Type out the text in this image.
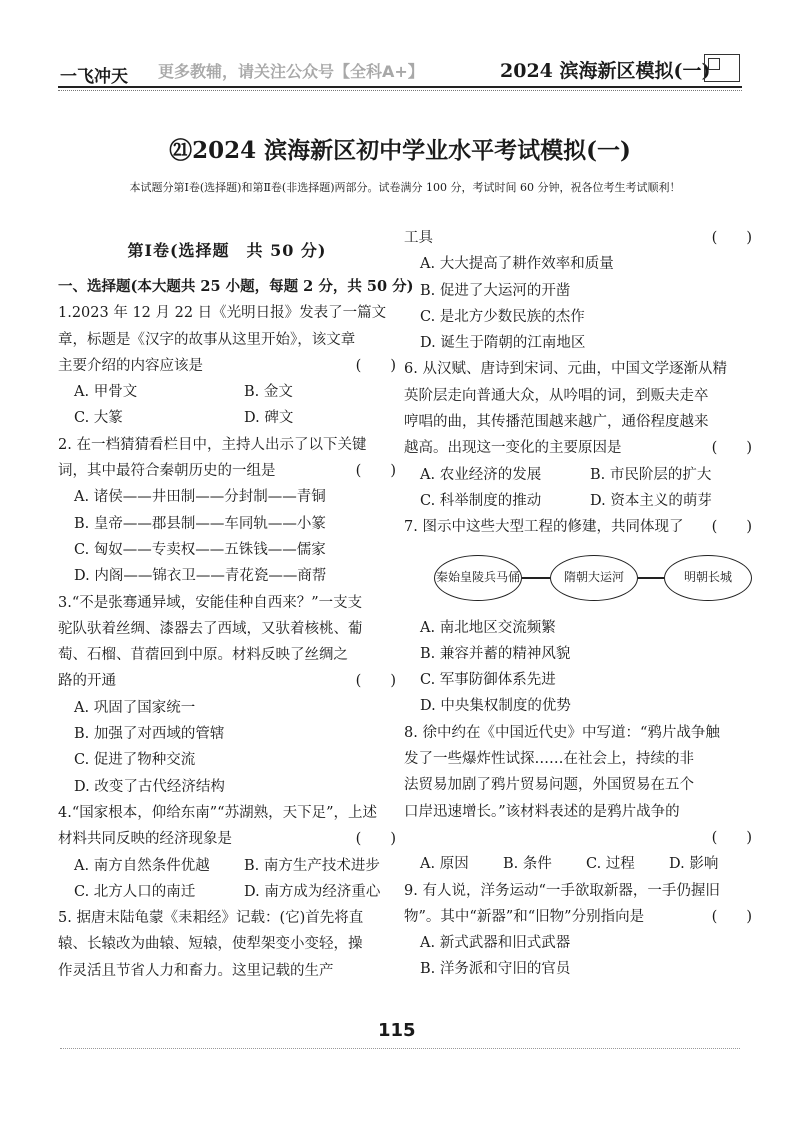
一飞冲天 更多教辅，请关注公众号【全科A+】	2024 滨海新区模拟(一)
㉑2024 滨海新区初中学业水平考试模拟(一)
本试题分第Ⅰ卷(选择题)和第Ⅱ卷(非选择题)两部分。试卷满分 100 分，考试时间 60 分钟，祝各位考生考试顺利！

第Ⅰ卷(选择题　共 50 分)

一、选择题(本大题共 25 小题，每题 2 分，共 50 分)

1.2023 年 12 月 22 日《光明日报》发表了一篇文

章，标题是《汉字的故事从这里开始》，该文章

(　　)
主要介绍的内容应该是

A. 甲骨文	B. 金文

C. 大篆	D. 碑文

2. 在一档猜猜看栏目中，主持人出示了以下关键

(　　)
词，其中最符合秦朝历史的一组是

A. 诸侯——井田制——分封制——青铜

B. 皇帝——郡县制——车同轨——小篆

C. 匈奴——专卖权——五铢钱——儒家

D. 内阁——锦衣卫——青花瓷——商帮

3.“不是张骞通异域，安能佳种自西来？”一支支

驼队驮着丝绸、漆器去了西域，又驮着核桃、葡

萄、石榴、苜蓿回到中原。材料反映了丝绸之

(　　)
路的开通

A. 巩固了国家统一

B. 加强了对西域的管辖

C. 促进了物种交流

D. 改变了古代经济结构

4.“国家根本，仰给东南”“苏湖熟，天下足”，上述

(　　)
材料共同反映的经济现象是

A. 南方自然条件优越	B. 南方生产技术进步

C. 北方人口的南迁	D. 南方成为经济重心

5. 据唐末陆龟蒙《耒耜经》记载：(它)首先将直

辕、长辕改为曲辕、短辕，使犁架变小变轻，操

作灵活且节省人力和畜力。这里记载的生产

(　　)
工具

A. 大大提高了耕作效率和质量

B. 促进了大运河的开凿

C. 是北方少数民族的杰作

D. 诞生于隋朝的江南地区

6. 从汉赋、唐诗到宋词、元曲，中国文学逐渐从精

英阶层走向普通大众，从吟唱的词，到贩夫走卒

哼唱的曲，其传播范围越来越广，通俗程度越来

(　　)
越高。出现这一变化的主要原因是

A. 农业经济的发展	B. 市民阶层的扩大

C. 科举制度的推动	D. 资本主义的萌芽

(　　)
7. 图示中这些大型工程的修建，共同体现了

秦始皇陵兵马俑	隋朝大运河	明朝长城

A. 南北地区交流频繁

B. 兼容并蓄的精神风貌

C. 军事防御体系先进

D. 中央集权制度的优势

8. 徐中约在《中国近代史》中写道：“鸦片战争触

发了一些爆炸性试探……在社会上，持续的非

法贸易加剧了鸦片贸易问题，外国贸易在五个

口岸迅速增长。”该材料表述的是鸦片战争的

(　　)

A. 原因	B. 条件	C. 过程	D. 影响

9. 有人说，洋务运动“一手欲取新器，一手仍握旧

(　　)
物”。其中“新器”和“旧物”分别指向是

A. 新式武器和旧式武器

B. 洋务派和守旧的官员

115
